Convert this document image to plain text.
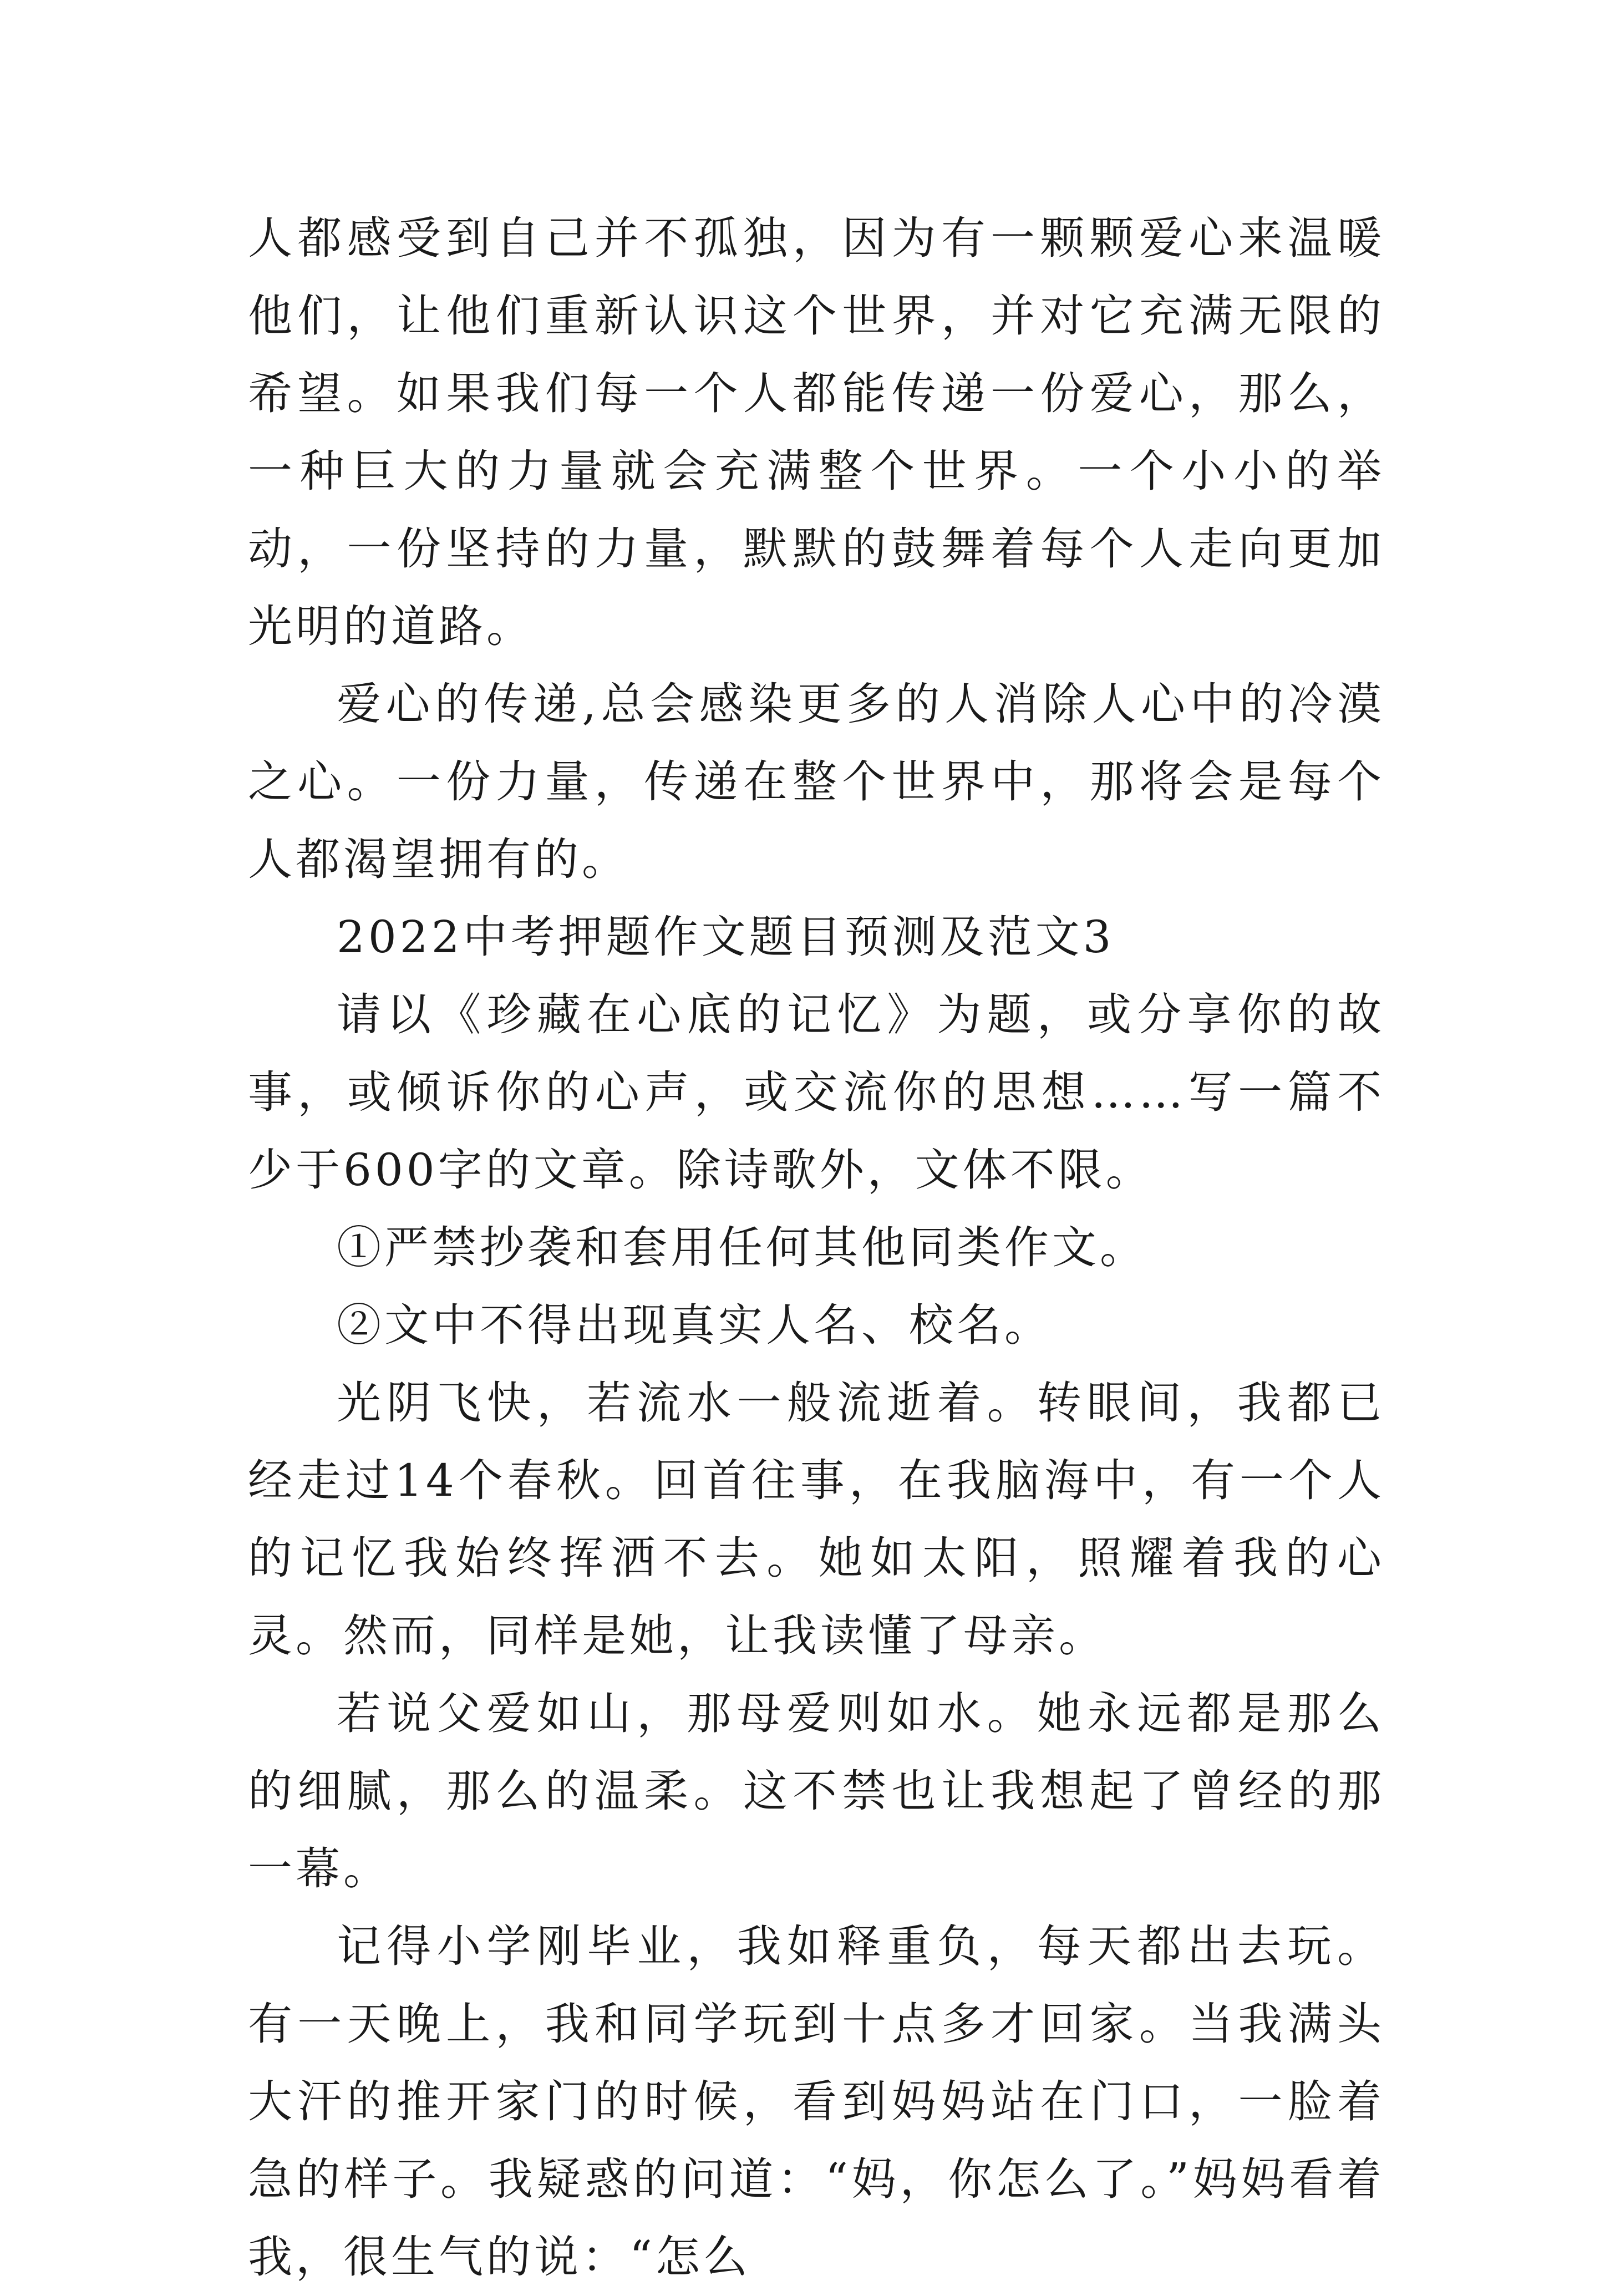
人都感受到自己并不孤独，因为有一颗颗爱心来温暖他们，让他们重新认识这个世界，并对它充满无限的希望。如果我们每一个人都能传递一份爱心，那么，一种巨大的力量就会充满整个世界。一个小小的举动，一份坚持的力量，默默的鼓舞着每个人走向更加光明的道路。

爱心的传递,总会感染更多的人消除人心中的冷漠之心。一份力量，传递在整个世界中，那将会是每个人都渴望拥有的。

2022中考押题作文题目预测及范文3

请以《珍藏在心底的记忆》为题，或分享你的故事，或倾诉你的心声，或交流你的思想……写一篇不少于600字的文章。除诗歌外，文体不限。

①严禁抄袭和套用任何其他同类作文。

②文中不得出现真实人名、校名。

光阴飞快，若流水一般流逝着。转眼间，我都已经走过14个春秋。回首往事，在我脑海中，有一个人的记忆我始终挥洒不去。她如太阳，照耀着我的心灵。然而，同样是她，让我读懂了母亲。

若说父爱如山，那母爱则如水。她永远都是那么的细腻，那么的温柔。这不禁也让我想起了曾经的那一幕。

记得小学刚毕业，我如释重负，每天都出去玩。有一天晚上，我和同学玩到十点多才回家。当我满头大汗的推开家门的时候，看到妈妈站在门口，一脸着急的样子。我疑惑的问道：“妈，你怎么了。”妈妈看着我，很生气的说：“怎么
